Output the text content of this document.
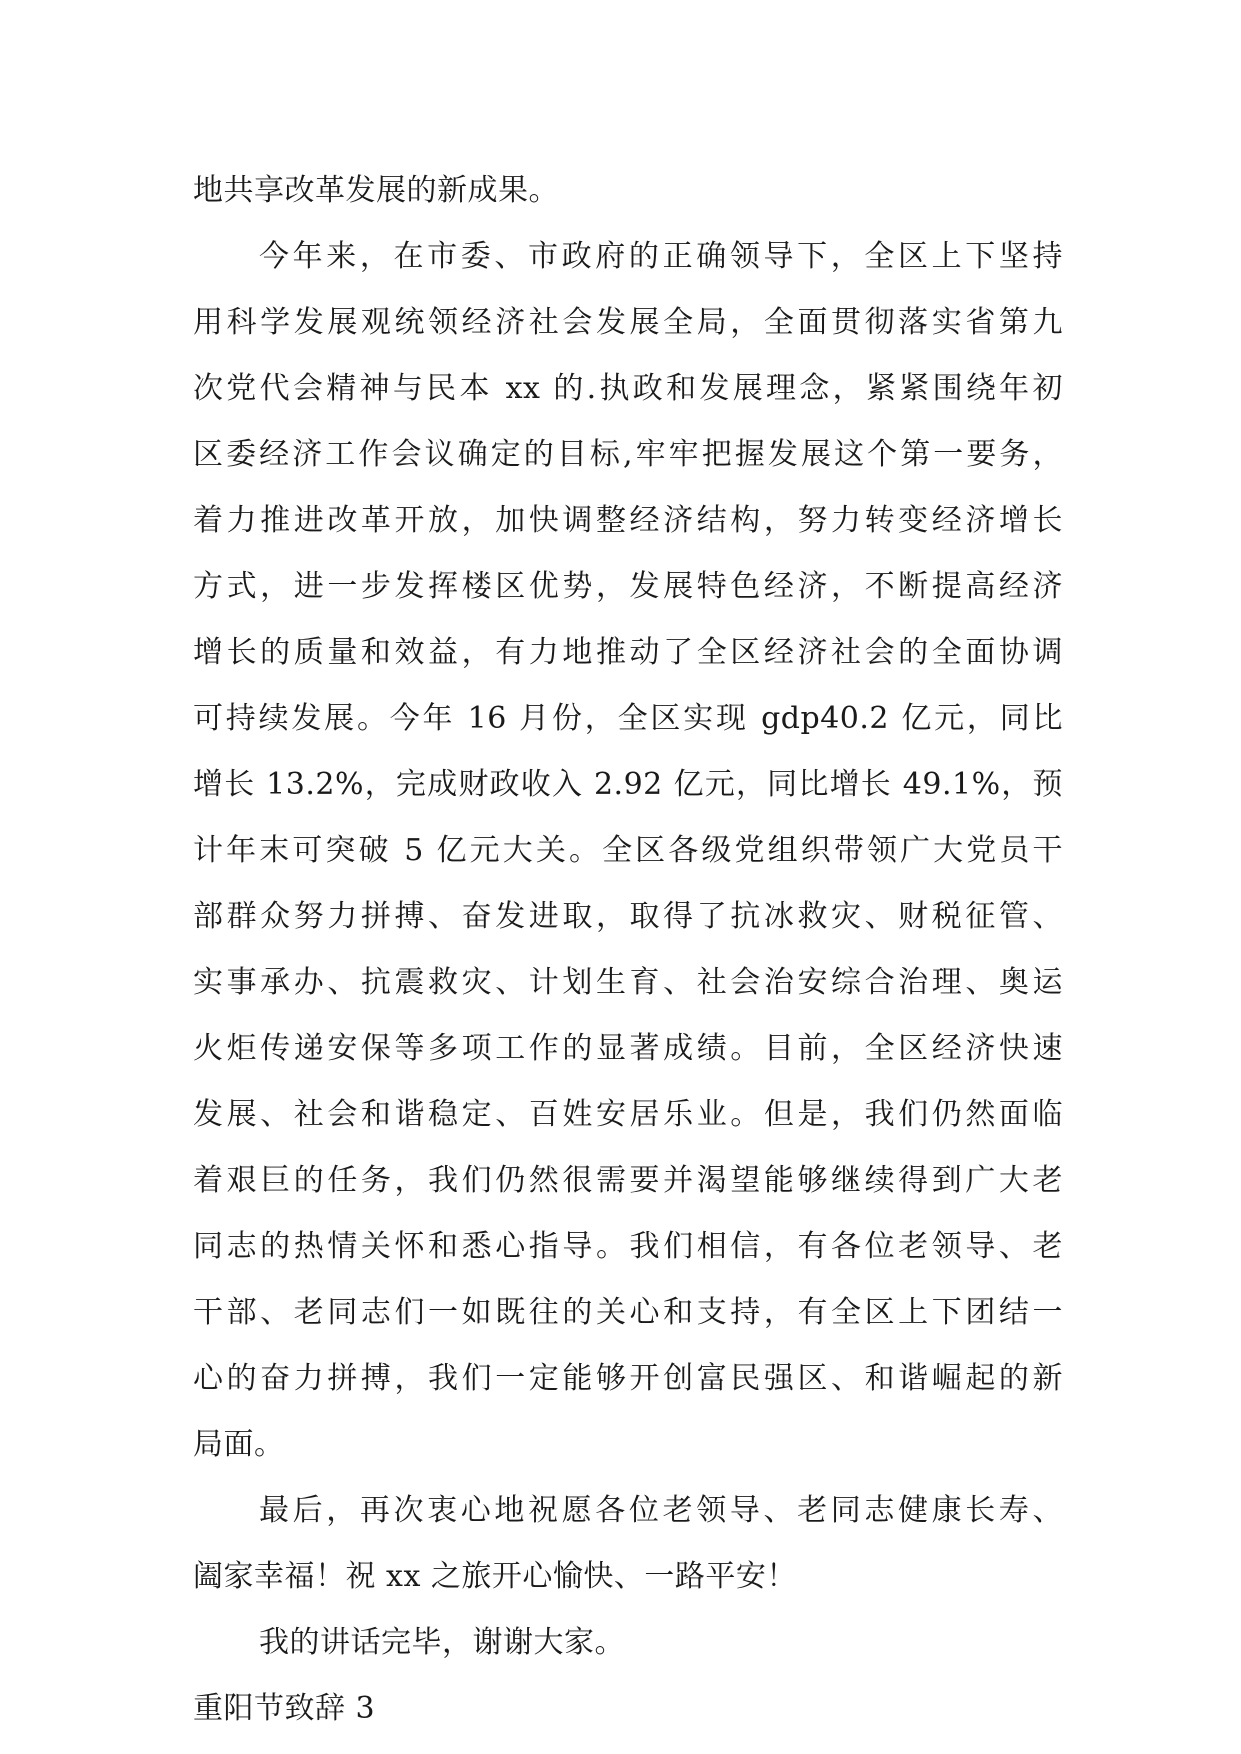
地共享改革发展的新成果。
今年来，在市委、市政府的正确领导下，全区上下坚持
用科学发展观统领经济社会发展全局，全面贯彻落实省第九
次党代会精神与民本 xx 的.执政和发展理念，紧紧围绕年初
区委经济工作会议确定的目标,牢牢把握发展这个第一要务，
着力推进改革开放，加快调整经济结构，努力转变经济增长
方式，进一步发挥楼区优势，发展特色经济，不断提高经济
增长的质量和效益，有力地推动了全区经济社会的全面协调
可持续发展。今年 16 月份，全区实现 gdp40.2 亿元，同比
增长 13.2%，完成财政收入 2.92 亿元，同比增长 49.1%，预
计年末可突破 5 亿元大关。全区各级党组织带领广大党员干
部群众努力拼搏、奋发进取，取得了抗冰救灾、财税征管、
实事承办、抗震救灾、计划生育、社会治安综合治理、奥运
火炬传递安保等多项工作的显著成绩。目前，全区经济快速
发展、社会和谐稳定、百姓安居乐业。但是，我们仍然面临
着艰巨的任务，我们仍然很需要并渴望能够继续得到广大老
同志的热情关怀和悉心指导。我们相信，有各位老领导、老
干部、老同志们一如既往的关心和支持，有全区上下团结一
心的奋力拼搏，我们一定能够开创富民强区、和谐崛起的新
局面。
最后，再次衷心地祝愿各位老领导、老同志健康长寿、
阖家幸福！祝 xx 之旅开心愉快、一路平安！
我的讲话完毕，谢谢大家。
重阳节致辞 3
